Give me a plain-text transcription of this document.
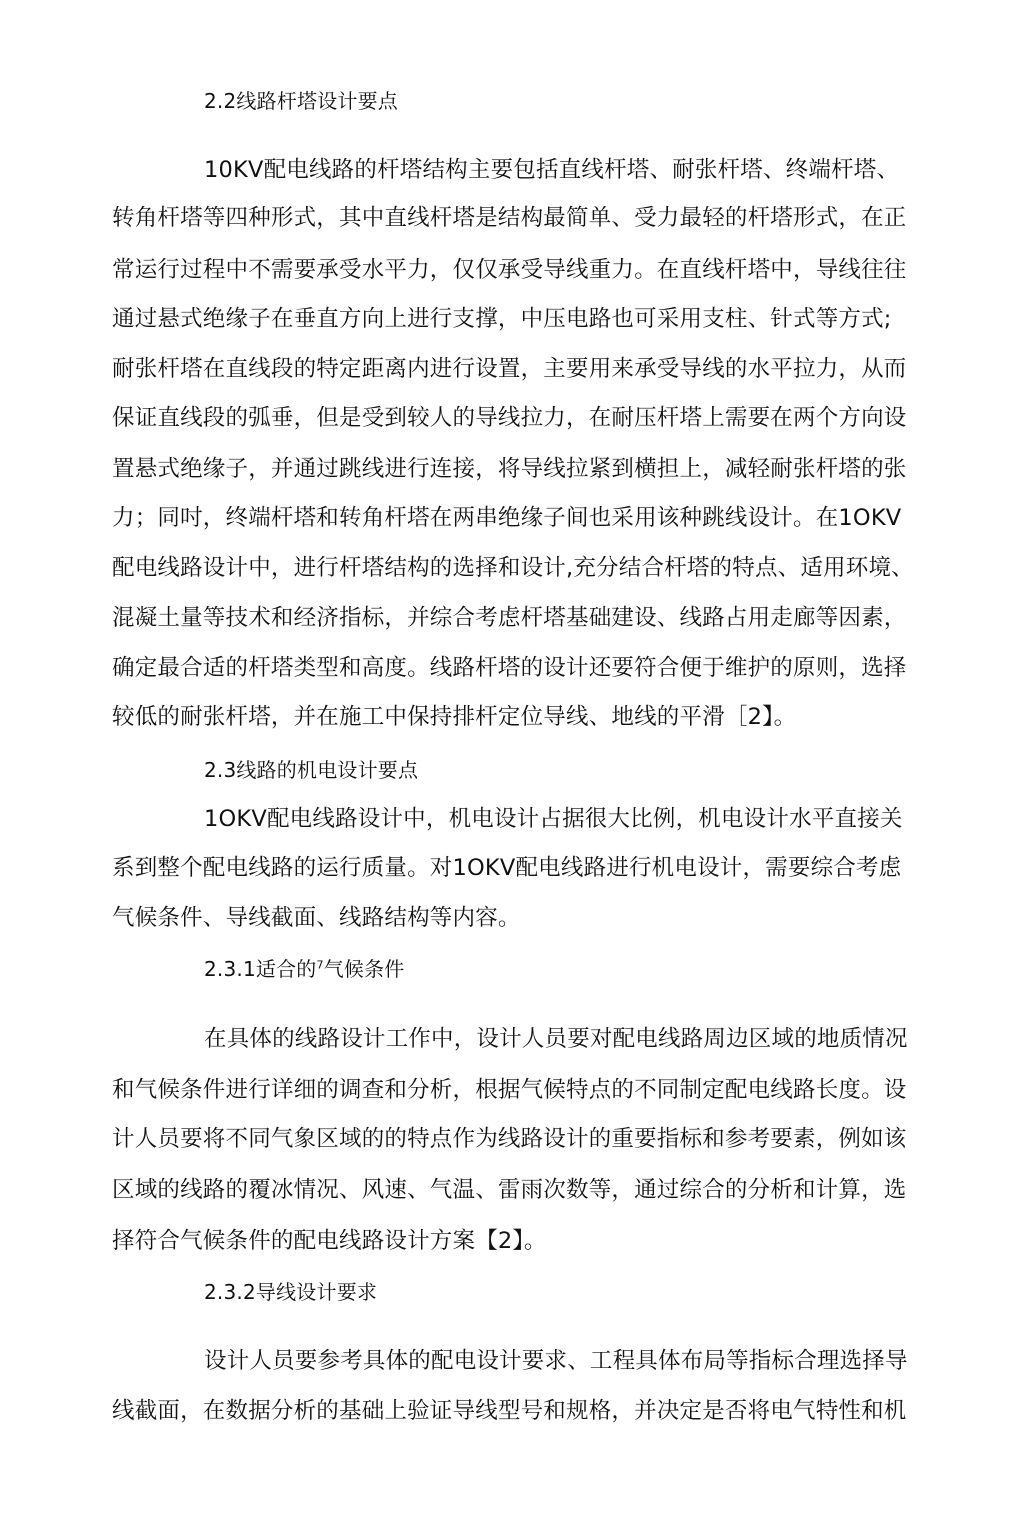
2.2线路杆塔设计要点
10KV配电线路的杆塔结构主要包括直线杆塔、耐张杆塔、终端杆塔、
转角杆塔等四种形式，其中直线杆塔是结构最简单、受力最轻的杆塔形式，在正
常运行过程中不需要承受水平力，仅仅承受导线重力。在直线杆塔中，导线往往
通过悬式绝缘子在垂直方向上进行支撑，中压电路也可采用支柱、针式等方式;
耐张杆塔在直线段的特定距离内进行设置，主要用来承受导线的水平拉力，从而
保证直线段的弧垂，但是受到较人的导线拉力，在耐压杆塔上需要在两个方向设
置悬式绝缘子，并通过跳线进行连接，将导线拉紧到横担上，减轻耐张杆塔的张
力；同吋，终端杆塔和转角杆塔在两串绝缘子间也采用该种跳线设计。在1OKV
配电线路设计中，进行杆塔结构的选择和设计,充分结合杆塔的特点、适用环境、
混凝土量等技术和经济指标，并综合考虑杆塔基础建设、线路占用走廊等因素，
确定最合适的杆塔类型和高度。线路杆塔的设计还要符合便于维护的原则，选择
较低的耐张杆塔，并在施工中保持排杆定位导线、地线的平滑［2】。
2.3线路的机电设计要点
1OKV配电线路设计中，机电设计占据很大比例，机电设计水平直接关
系到整个配电线路的运行质量。对1OKV配电线路进行机电设计，需要综合考虑
气候条件、导线截面、线路结构等内容。
2.3.1适合的$^7$气候条件
在具体的线路设计工作中，设计人员要对配电线路周边区域的地质情况
和气候条件进行详细的调查和分析，根据气候特点的不同制定配电线路长度。设
计人员要将不同气象区域的的特点作为线路设计的重要指标和参考要素，例如该
区域的线路的覆冰情况、风速、气温、雷雨次数等，通过综合的分析和计算，选
择符合气候条件的配电线路设计方案【2】。
2.3.2导线设计要求
设计人员要参考具体的配电设计要求、工程具体布局等指标合理选择导
线截面，在数据分析的基础上验证导线型号和规格，并决定是否将电气特性和机
